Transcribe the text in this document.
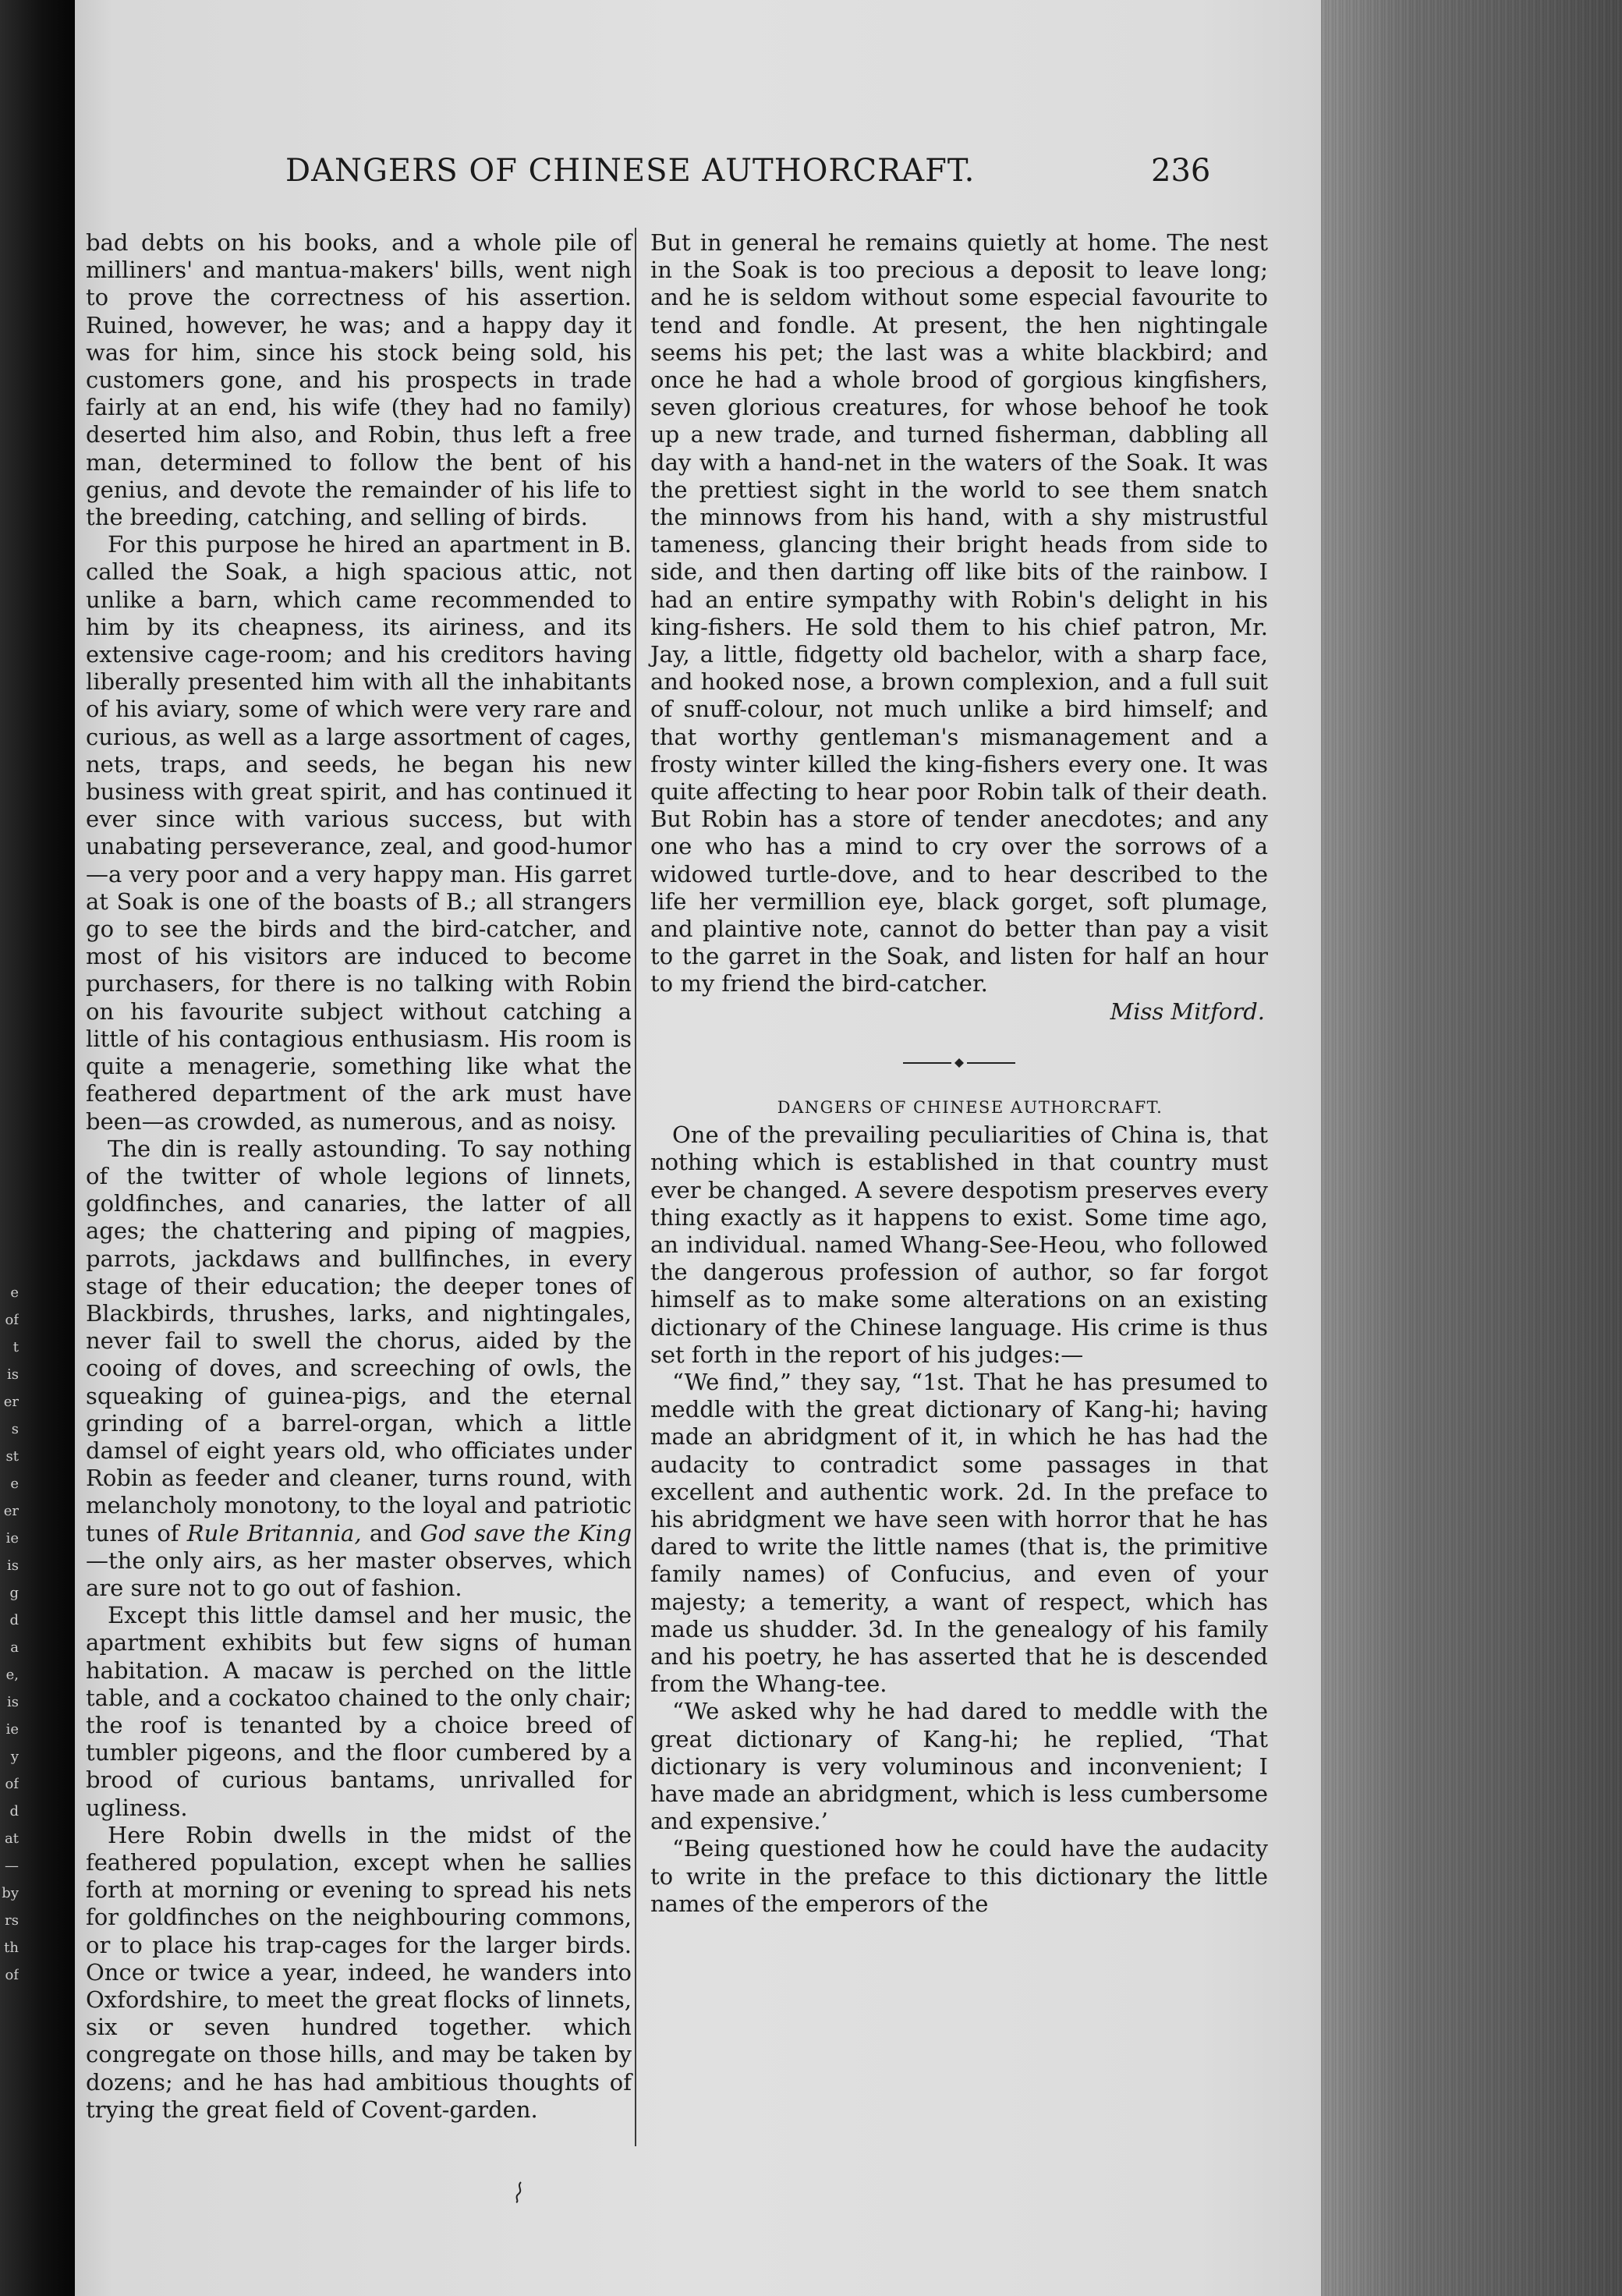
e
of
t
is
er
s
st
e
er
ie
is
g
d
a
e,
is
ie
y
of
d
at
—
by
rs
th
of
DANGERS OF CHINESE AUTHORCRAFT.	236

bad debts on his books, and a whole pile of milliners' and mantua-makers' bills, went nigh to prove the correctness of his assertion. Ruined, however, he was; and a happy day it was for him, since his stock being sold, his customers gone, and his prospects in trade fairly at an end, his wife (they had no family) deserted him also, and Robin, thus left a free man, determined to follow the bent of his genius, and devote the remainder of his life to the breeding, catching, and selling of birds.

For this purpose he hired an apartment in B. called the Soak, a high spacious attic, not unlike a barn, which came recommended to him by its cheapness, its airiness, and its extensive cage-room; and his creditors having liberally presented him with all the inhabitants of his aviary, some of which were very rare and curious, as well as a large assortment of cages, nets, traps, and seeds, he began his new business with great spirit, and has continued it ever since with various success, but with unabating perseverance, zeal, and good-humor—a very poor and a very happy man. His garret at Soak is one of the boasts of B.; all strangers go to see the birds and the bird-catcher, and most of his visitors are induced to become purchasers, for there is no talking with Robin on his favourite subject without catching a little of his contagious enthusiasm. His room is quite a menagerie, something like what the feathered department of the ark must have been—as crowded, as numerous, and as noisy.

The din is really astounding. To say nothing of the twitter of whole legions of linnets, goldfinches, and canaries, the latter of all ages; the chattering and piping of magpies, parrots, jackdaws and bullfinches, in every stage of their education; the deeper tones of Blackbirds, thrushes, larks, and nightingales, never fail to swell the chorus, aided by the cooing of doves, and screeching of owls, the squeaking of guinea-pigs, and the eternal grinding of a barrel-organ, which a little damsel of eight years old, who officiates under Robin as feeder and cleaner, turns round, with melancholy monotony, to the loyal and patriotic tunes of Rule Britannia, and God save the King—the only airs, as her master observes, which are sure not to go out of fashion.

Except this little damsel and her music, the apartment exhibits but few signs of human habitation. A macaw is perched on the little table, and a cockatoo chained to the only chair; the roof is tenanted by a choice breed of tumbler pigeons, and the floor cumbered by a brood of curious bantams, unrivalled for ugliness.

Here Robin dwells in the midst of the feathered population, except when he sallies forth at morning or evening to spread his nets for goldfinches on the neighbouring commons, or to place his trap-cages for the larger birds. Once or twice a year, indeed, he wanders into Oxfordshire, to meet the great flocks of linnets, six or seven hundred together. which congregate on those hills, and may be taken by dozens; and he has had ambitious thoughts of trying the great field of Covent-garden.

But in general he remains quietly at home. The nest in the Soak is too precious a deposit to leave long; and he is seldom without some especial favourite to tend and fondle. At present, the hen nightingale seems his pet; the last was a white blackbird; and once he had a whole brood of gorgious kingfishers, seven glorious creatures, for whose behoof he took up a new trade, and turned fisherman, dabbling all day with a hand-net in the waters of the Soak. It was the prettiest sight in the world to see them snatch the minnows from his hand, with a shy mistrustful tameness, glancing their bright heads from side to side, and then darting off like bits of the rainbow. I had an entire sympathy with Robin's delight in his king-fishers. He sold them to his chief patron, Mr. Jay, a little, fidgetty old bachelor, with a sharp face, and hooked nose, a brown complexion, and a full suit of snuff-colour, not much unlike a bird himself; and that worthy gentleman's mismanagement and a frosty winter killed the king-fishers every one. It was quite affecting to hear poor Robin talk of their death. But Robin has a store of tender anecdotes; and any one who has a mind to cry over the sorrows of a widowed turtle-dove, and to hear described to the life her vermillion eye, black gorget, soft plumage, and plaintive note, cannot do better than pay a visit to the garret in the Soak, and listen for half an hour to my friend the bird-catcher.

Miss Mitford.

DANGERS OF CHINESE AUTHORCRAFT.

One of the prevailing peculiarities of China is, that nothing which is established in that country must ever be changed. A severe despotism preserves every thing exactly as it happens to exist. Some time ago, an individual. named Whang-See-Heou, who followed the dangerous profession of author, so far forgot himself as to make some alterations on an existing dictionary of the Chinese language. His crime is thus set forth in the report of his judges:—

“We find,” they say, “1st. That he has presumed to meddle with the great dictionary of Kang-hi; having made an abridgment of it, in which he has had the audacity to contradict some passages in that excellent and authentic work. 2d. In the preface to his abridgment we have seen with horror that he has dared to write the little names (that is, the primitive family names) of Confucius, and even of your majesty; a temerity, a want of respect, which has made us shudder. 3d. In the genealogy of his family and his poetry, he has asserted that he is descended from the Whang-tee.

“We asked why he had dared to meddle with the great dictionary of Kang-hi; he replied, ‘That dictionary is very voluminous and inconvenient; I have made an abridgment, which is less cumbersome and expensive.’

“Being questioned how he could have the audacity to write in the preface to this dictionary the little names of the emperors of the
